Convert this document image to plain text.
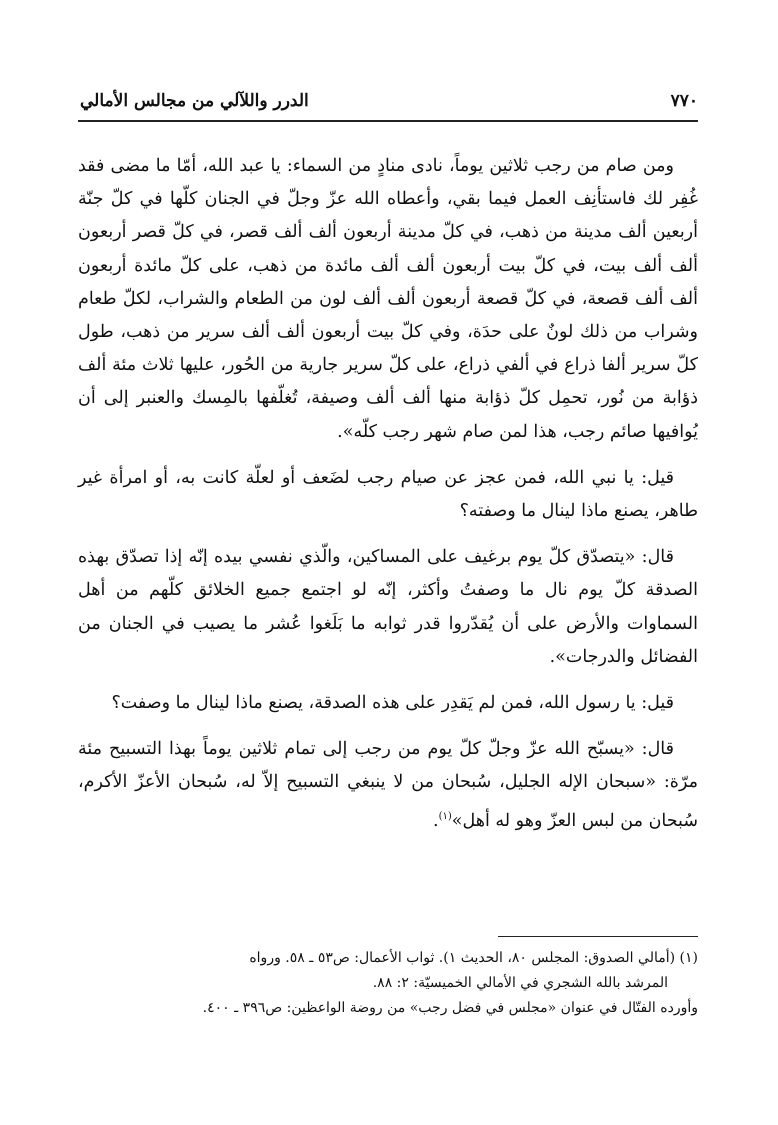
٧٧٠
الدرر واللآلي من مجالس الأمالي

ومن صام من رجب ثلاثين يوماً، نادى منادٍ من السماء: يا عبد الله، أمّا ما مضى فقد غُفِر لك فاستأنِف العمل فيما بقي، وأعطاه الله عزّ وجلّ في الجنان كلّها في كلّ جنّة أربعين ألف مدينة من ذهب، في كلّ مدينة أربعون ألف ألف قصر، في كلّ قصر أربعون ألف ألف بيت، في كلّ بيت أربعون ألف ألف مائدة من ذهب، على كلّ مائدة أربعون ألف ألف قصعة، في كلّ قصعة أربعون ألف ألف لون من الطعام والشراب، لكلّ طعام وشراب من ذلك لونٌ على حدَة، وفي كلّ بيت أربعون ألف ألف سرير من ذهب، طول كلّ سرير ألفا ذراع في ألفي ذراع، على كلّ سرير جارية من الحُور، عليها ثلاث مئة ألف ذؤابة من نُور، تحمِل كلّ ذؤابة منها ألف ألف وصيفة، تُغلّفها بالمِسك والعنبر إلى أن يُوافيها صائم رجب، هذا لمن صام شهر رجب كلّه».

قيل: يا نبي الله، فمن عجز عن صيام رجب لضَعف أو لعلّة كانت به، أو امرأة غير طاهر، يصنع ماذا لينال ما وصفته؟

قال: «يتصدّق كلّ يوم برغيف على المساكين، والّذي نفسي بيده إنّه إذا تصدّق بهذه الصدقة كلّ يوم نال ما وصفتُ وأكثر، إنّه لو اجتمع جميع الخلائق كلّهم من أهل السماوات والأرض على أن يُقدّروا قدر ثوابه ما بَلَغوا عُشر ما يصيب في الجنان من الفضائل والدرجات».

قيل: يا رسول الله، فمن لم يَقدِر على هذه الصدقة، يصنع ماذا لينال ما وصفت؟

قال: «يسبّح الله عزّ وجلّ كلّ يوم من رجب إلى تمام ثلاثين يوماً بهذا التسبيح مئة مرّة: «سبحان الإله الجليل، سُبحان من لا ينبغي التسبيح إلاّ له، سُبحان الأعزّ الأكرم، سُبحان من لبس العزّ وهو له أهل»$^{(١)}$.

(١) (أمالي الصدوق: المجلس ٨٠، الحديث ١). ثواب الأعمال: ص٥٣ ـ ٥٨. ورواه

المرشد بالله الشجري في الأمالي الخميسيّة: ٢: ٨٨.

وأورده الفتّال في عنوان «مجلس في فضل رجب» من روضة الواعظين: ص٣٩٦ ـ ٤٠٠.
